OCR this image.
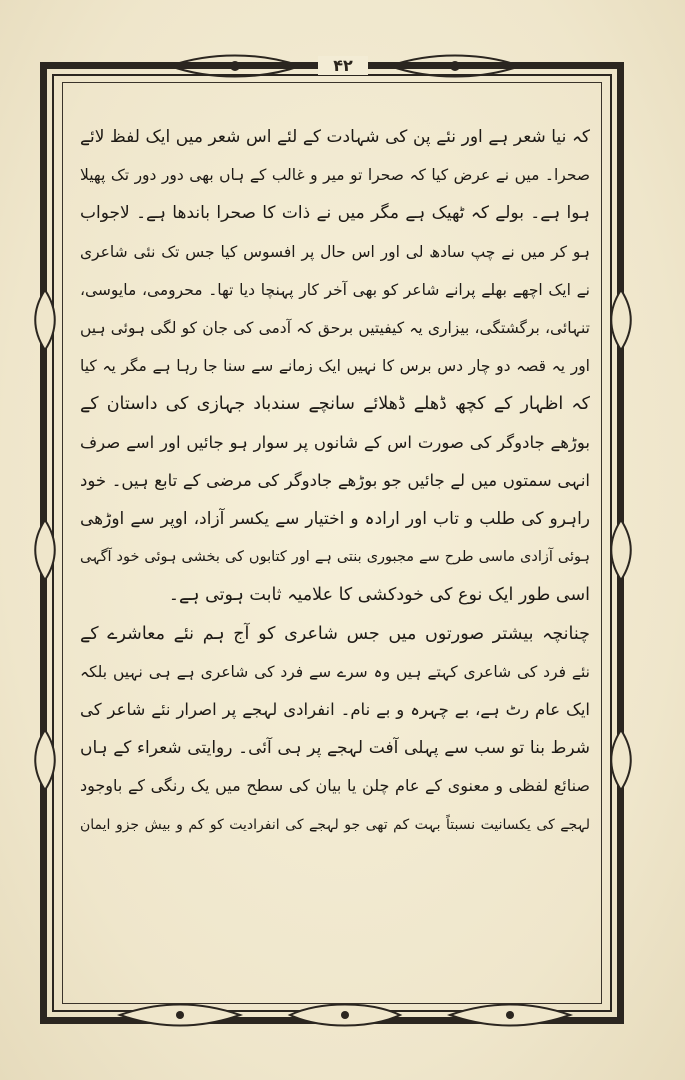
۴۲
کہ نیا شعر ہے اور نئے پن کی شہادت کے لئے اس شعر میں ایک لفظ لائے
صحرا۔ میں نے عرض کیا کہ صحرا تو میر و غالب کے ہاں بھی دور دور تک پھیلا
ہوا ہے۔ بولے کہ ٹھیک ہے مگر میں نے ذات کا صحرا باندھا ہے۔ لاجواب
ہو کر میں نے چپ سادھ لی اور اس حال پر افسوس کیا جس تک نئی شاعری
نے ایک اچھے بھلے پرانے شاعر کو بھی آخر کار پہنچا دیا تھا۔ محرومی، مایوسی،
تنہائی، برگشتگی، بیزاری یہ کیفیتیں برحق کہ آدمی کی جان کو لگی ہوئی ہیں
اور یہ قصہ دو چار دس برس کا نہیں ایک زمانے سے سنا جا رہا ہے مگر یہ کیا
کہ اظہار کے کچھ ڈھلے ڈھلائے سانچے سندباد جہازی کی داستان کے
بوڑھے جادوگر کی صورت اس کے شانوں پر سوار ہو جائیں اور اسے صرف
انہی سمتوں میں لے جائیں جو بوڑھے جادوگر کی مرضی کے تابع ہیں۔ خود
راہرو کی طلب و تاب اور ارادہ و اختیار سے یکسر آزاد، اوپر سے اوڑھی
ہوئی آزادی ماسی طرح سے مجبوری بنتی ہے اور کتابوں کی بخشی ہوئی خود آگہی
اسی طور ایک نوع کی خودکشی کا علامیہ ثابت ہوتی ہے۔
چنانچہ بیشتر صورتوں میں جس شاعری کو آج ہم نئے معاشرے کے
نئے فرد کی شاعری کہتے ہیں وہ سرے سے فرد کی شاعری ہے ہی نہیں بلکہ
ایک عام رٹ ہے، بے چہرہ و بے نام۔ انفرادی لہجے پر اصرار نئے شاعر کی
شرط بنا تو سب سے پہلی آفت لہجے پر ہی آئی۔ روایتی شعراء کے ہاں
صنائع لفظی و معنوی کے عام چلن یا بیان کی سطح میں یک رنگی کے باوجود
لہجے کی یکسانیت نسبتاً بہت کم تھی جو لہجے کی انفرادیت کو کم و بیش جزو ایمان
